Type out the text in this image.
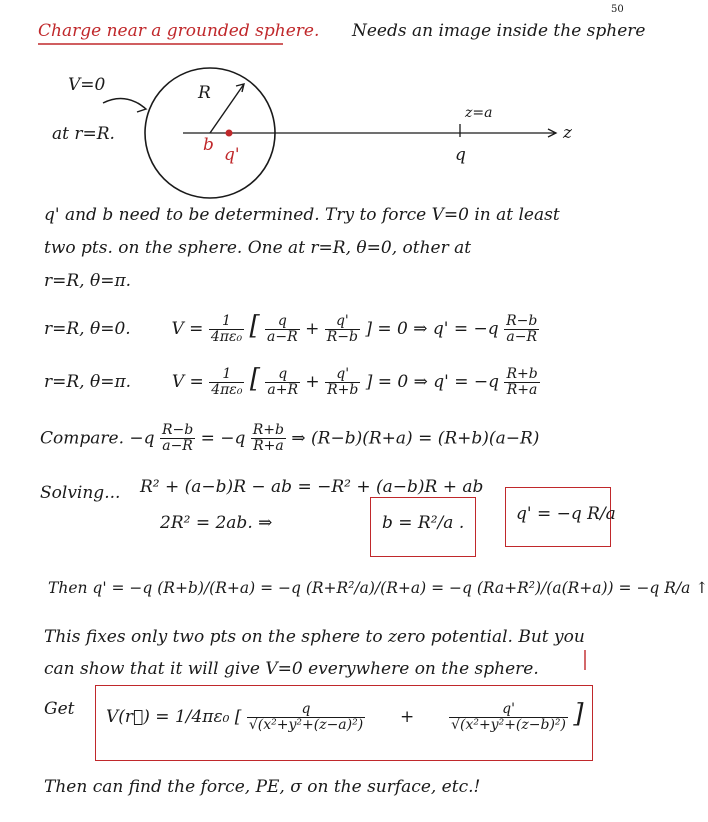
50
Charge near a grounded sphere. Needs an image inside the sphere
V=0
at r=R.
R
b q'
z=a
q
z
q' and b need to be determined. Try to force V=0 in at least
two pts. on the sphere. One at r=R, θ=0, other at
r=R, θ=π.
r=R, θ=0. $V = \frac{1}{\text{4πε₀}}$ [ $\frac{q}{a-R} + \frac{q'}{R-b}$ ] = 0 ⇒ $q' = -q \frac{R-b}{a-R}$
r=R, θ=π. $V = \frac{1}{\text{4πε₀}}$ [ $\frac{q}{a+R} + \frac{q'}{R+b}$ ] = 0 ⇒ $q' = -q \frac{R+b}{R+a}$
Compare. $-q \frac{R-b}{a-R} = -q \frac{R+b}{R+a}$ ⇒ (R−b)(R+a) = (R+b)(a−R)
Solving... R² + (a−b)R − ab = −R² + (a−b)R + ab
2R² = 2ab. ⇒	b = R²/a .	q' = −q R/a
Then q' = −q (R+b)/(R+a) = −q (R+R²/a)/(R+a) = −q (Ra+R²)/(a(R+a)) = −q R/a ↑
This fixes only two pts on the sphere to zero potential. But you
can show that it will give V=0 everywhere on the sphere.
Get V(r⃗) = 1/4πε₀ [ $\frac{q}{\text{√(x²+y²+(z−a)²)}} + \frac{q'}{\text{√(x²+y²+(z−b)²)}}$ ]
Then can find the force, PE, σ on the surface, etc.!
